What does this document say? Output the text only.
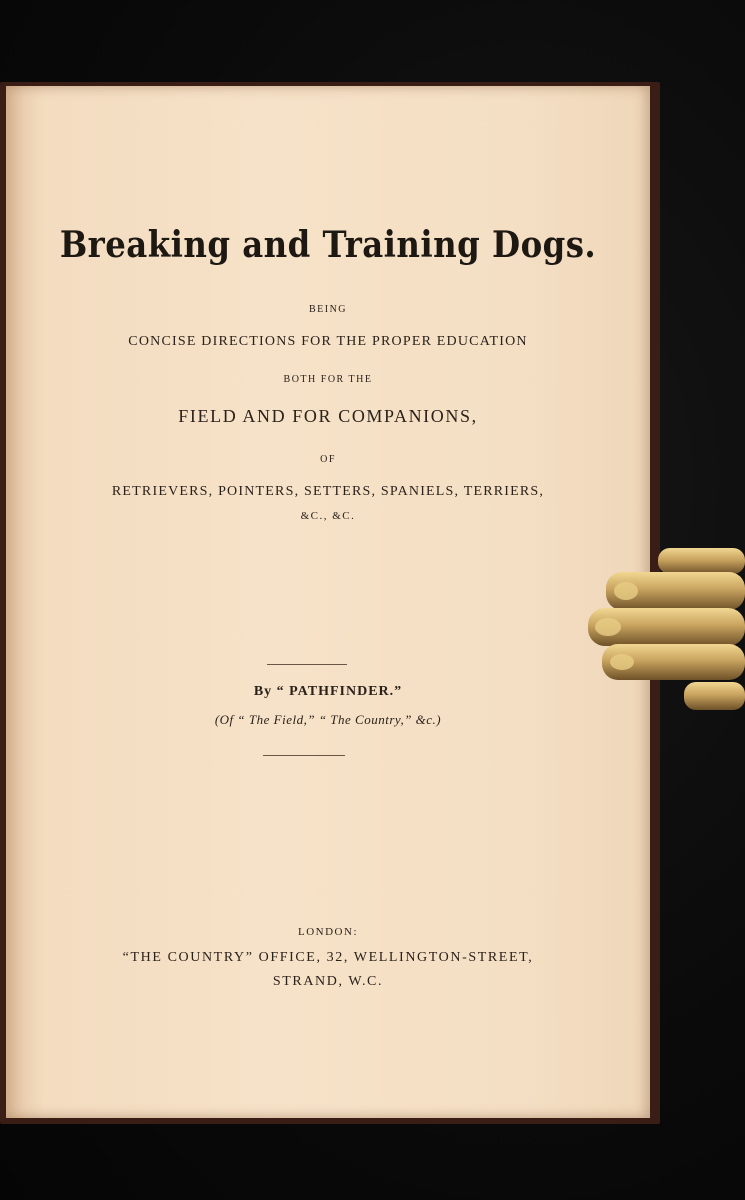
Breaking and Training Dogs.
BEING
CONCISE DIRECTIONS FOR THE PROPER EDUCATION
BOTH FOR THE
FIELD AND FOR COMPANIONS,
OF
RETRIEVERS, POINTERS, SETTERS, SPANIELS, TERRIERS,
&C., &C.
By “ PATHFINDER.”
(Of “ The Field,” “ The Country,” &c.)
LONDON:
“THE COUNTRY” OFFICE, 32, WELLINGTON-STREET,
STRAND, W.C.
